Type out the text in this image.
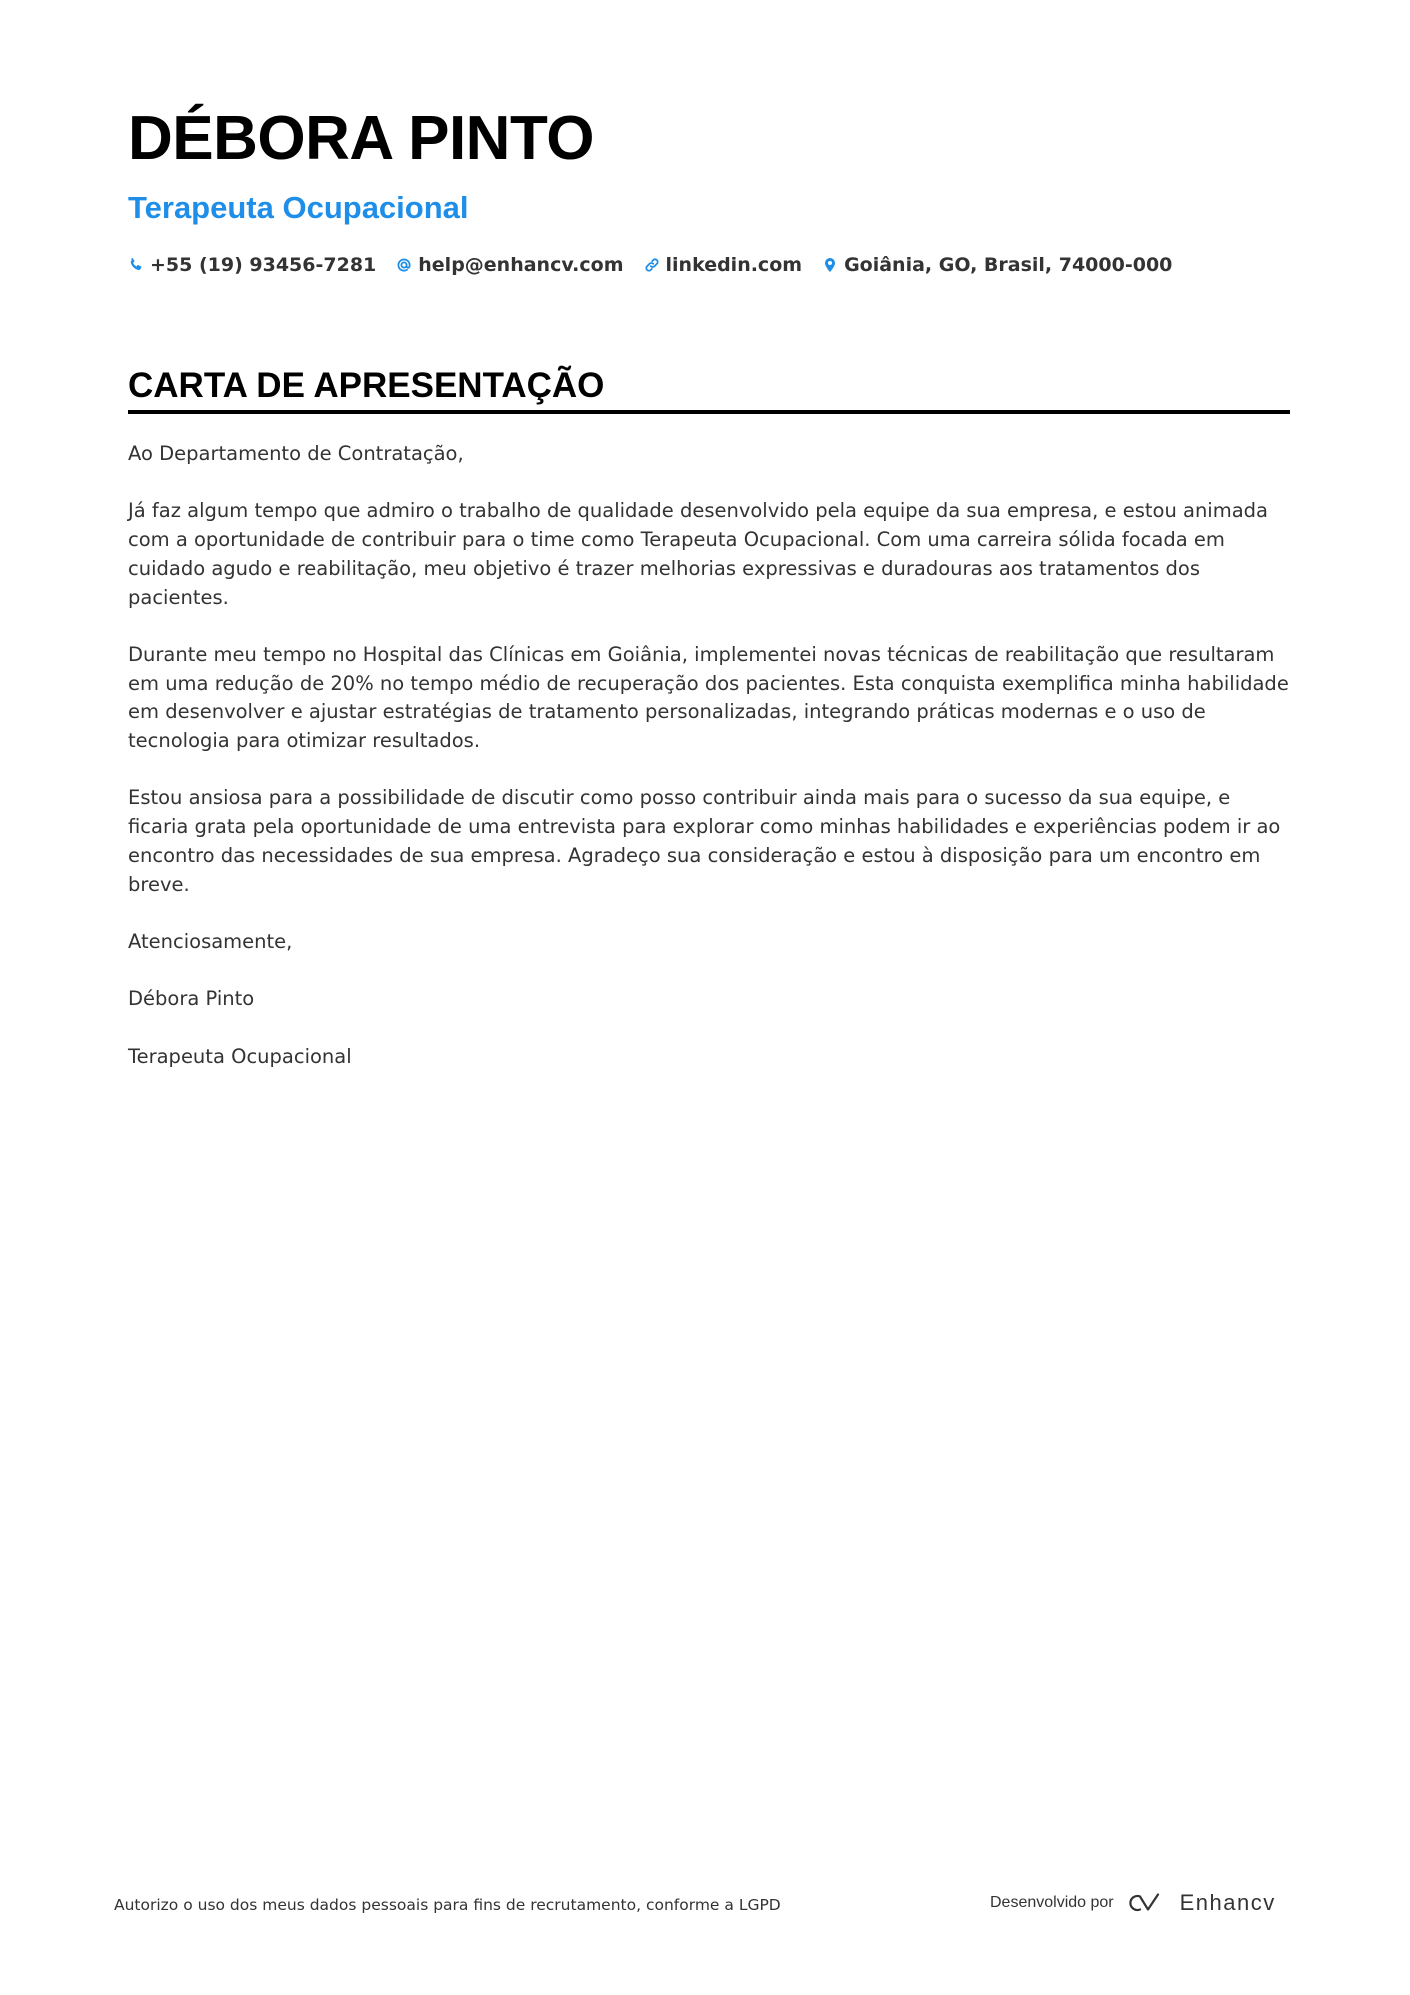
DÉBORA PINTO
Terapeuta Ocupacional
+55 (19) 93456-7281 help@enhancv.com linkedin.com Goiânia, GO, Brasil, 74000-000
CARTA DE APRESENTAÇÃO

Ao Departamento de Contratação,

Já faz algum tempo que admiro o trabalho de qualidade desenvolvido pela equipe da sua empresa, e estou animada com a oportunidade de contribuir para o time como Terapeuta Ocupacional. Com uma carreira sólida focada em cuidado agudo e reabilitação, meu objetivo é trazer melhorias expressivas e duradouras aos tratamentos dos pacientes.

Durante meu tempo no Hospital das Clínicas em Goiânia, implementei novas técnicas de reabilitação que resultaram em uma redução de 20% no tempo médio de recuperação dos pacientes. Esta conquista exemplifica minha habilidade em desenvolver e ajustar estratégias de tratamento personalizadas, integrando práticas modernas e o uso de tecnologia para otimizar resultados.

Estou ansiosa para a possibilidade de discutir como posso contribuir ainda mais para o sucesso da sua equipe, e ficaria grata pela oportunidade de uma entrevista para explorar como minhas habilidades e experiências podem ir ao encontro das necessidades de sua empresa. Agradeço sua consideração e estou à disposição para um encontro em breve.

Atenciosamente,

Débora Pinto

Terapeuta Ocupacional

Autorizo o uso dos meus dados pessoais para fins de recrutamento, conforme a LGPD	Desenvolvido por	Enhancv
